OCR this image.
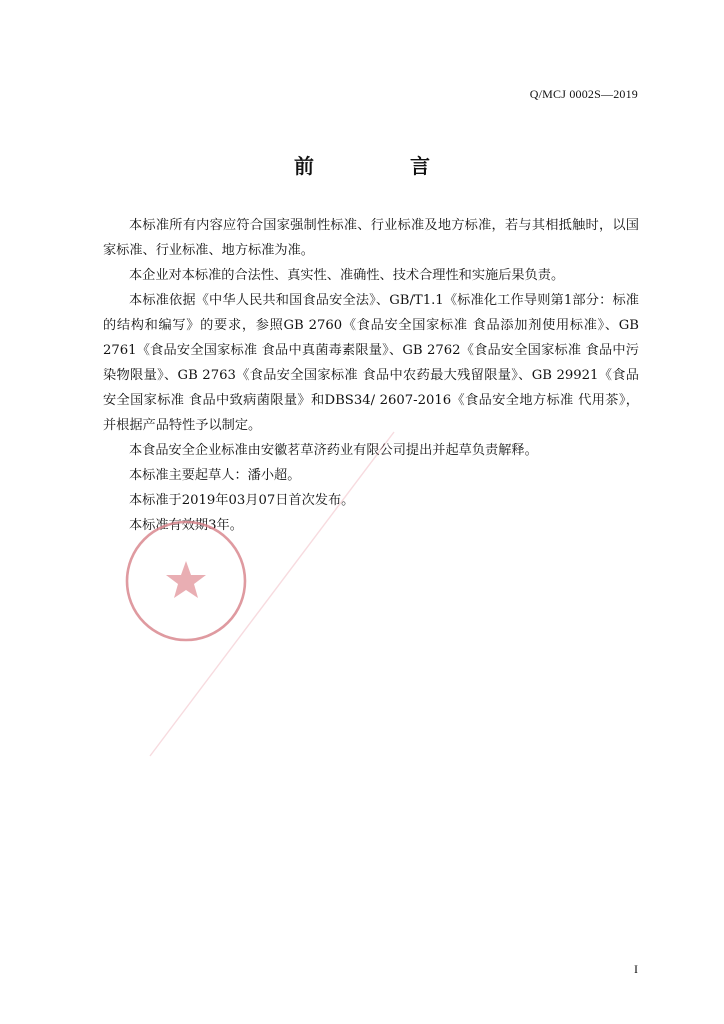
Q/MCJ 0002S—2019
前　言

本标准所有内容应符合国家强制性标准、行业标准及地方标准，若与其相抵触时，以国家标准、行业标准、地方标准为准。

本企业对本标准的合法性、真实性、准确性、技术合理性和实施后果负责。

本标准依据《中华人民共和国食品安全法》、GB/T1.1《标准化工作导则第1部分：标准的结构和编写》的要求，参照GB 2760《食品安全国家标准 食品添加剂使用标准》、GB 2761《食品安全国家标准 食品中真菌毒素限量》、GB 2762《食品安全国家标准 食品中污染物限量》、GB 2763《食品安全国家标准 食品中农药最大残留限量》、GB 29921《食品安全国家标准 食品中致病菌限量》和DBS34/ 2607-2016《食品安全地方标准 代用茶》，并根据产品特性予以制定。

本食品安全企业标准由安徽茗草济药业有限公司提出并起草负责解释。

本标准主要起草人：潘小超。

本标准于2019年03月07日首次发布。

本标准有效期3年。

I
